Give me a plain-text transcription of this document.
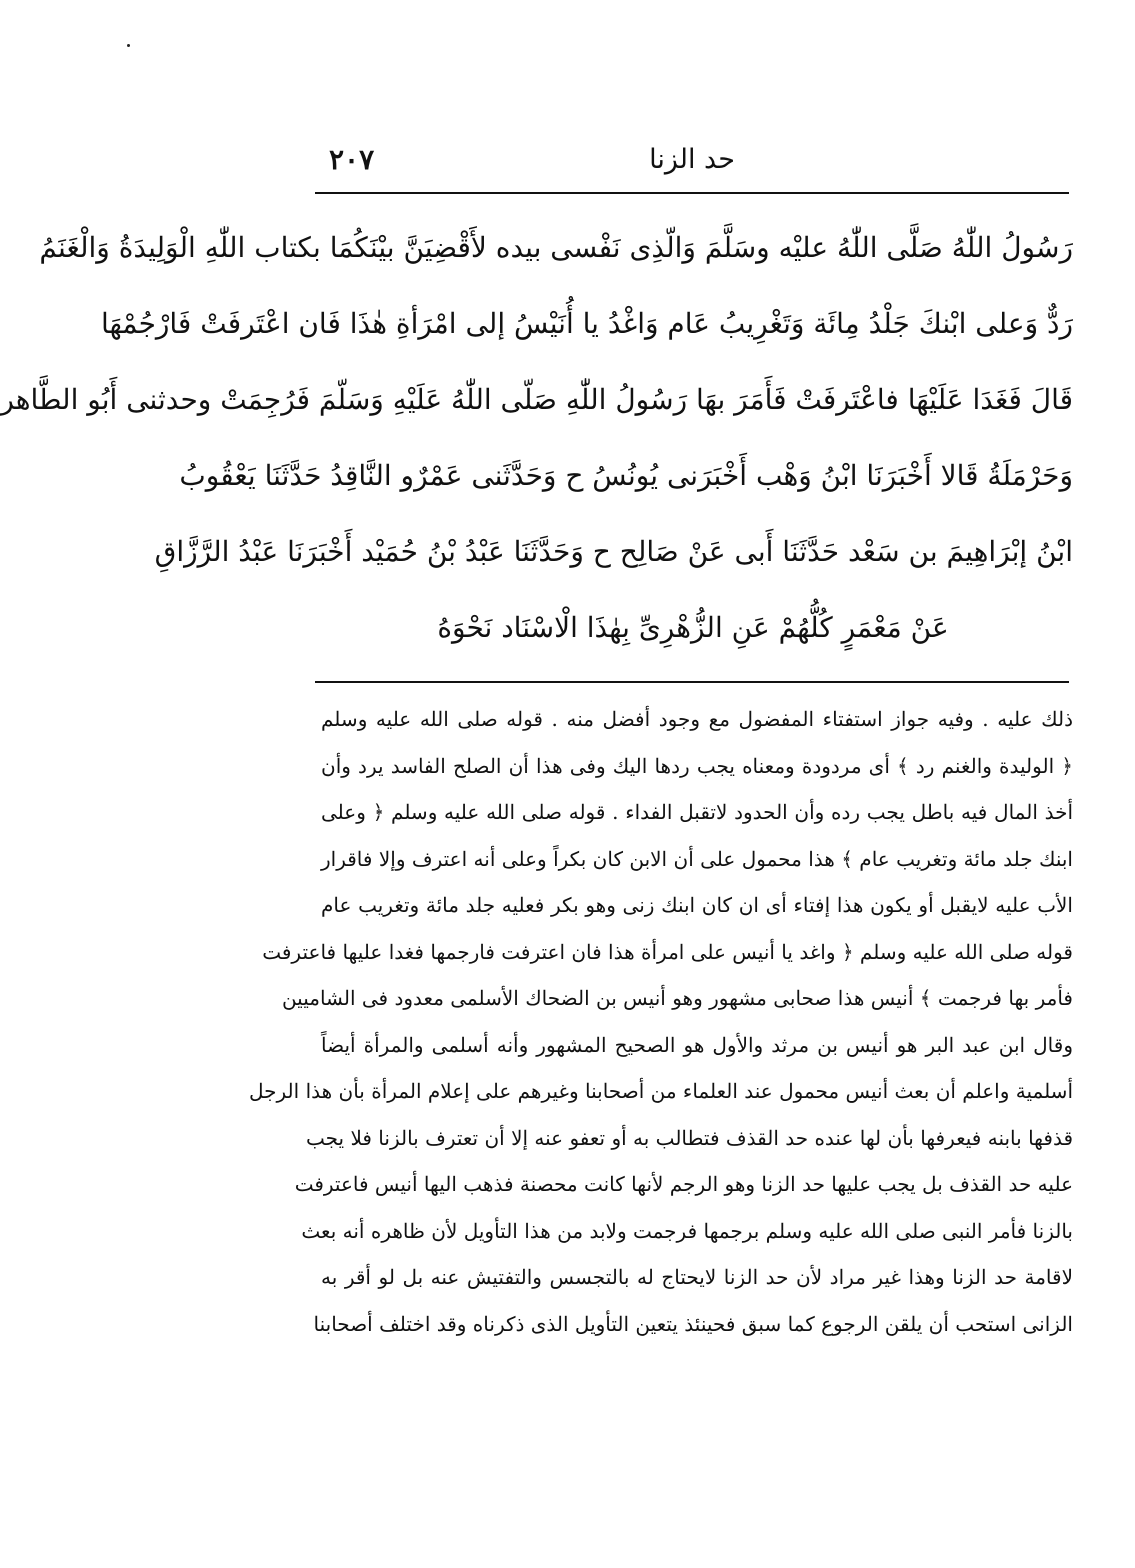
حد الزنا
٢٠٧
رَسُولُ اللّٰهُ صَلَّى اللّٰهُ عليْه وسَلَّمَ وَالّذِى نَفْسى بيده لأَقْضِيَنَّ بيْنَكُمَا بكتاب اللّٰهِ الْوَلِيدَةُ وَالْغَنَمُ
رَدٌّ وَعلى ابْنكَ جَلْدُ مِائَة وَتَغْرِيبُ عَام وَاغْدُ يا أُنَيْسُ إلى امْرَأةِ هٰذَا فَان اعْتَرفَتْ فَارْجُمْهَا
قَالَ فَغَدَا عَلَيْهَا فاعْتَرفَتْ فَأَمَرَ بهَا رَسُولُ اللّٰهِ صَلّى اللّٰهُ عَلَيْهِ وَسَلّمَ فَرُجِمَتْ وحدثنى أَبُو الطَّاهر
وَحَرْمَلَةُ قَالا أَخْبَرَنَا ابْنُ وَهْب أَخْبَرَنى يُونُسُ ح وَحَدَّثَنى عَمْرٌو النَّاقِدُ حَدَّثَنَا يَعْقُوبُ
ابْنُ إبْرَاهِيمَ بن سَعْد حَدَّثَنَا أَبى عَنْ صَالِح ح وَحَدَّثَنَا عَبْدُ بْنُ حُمَيْد أَخْبَرَنَا عَبْدُ الرَّزَّاقِ
عَنْ مَعْمَرٍ كُلُّهُمْ عَنِ الزُّهْرِىِّ بِهٰذَا الْاسْنَاد نَحْوَهُ
ذلك عليه . وفيه جواز استفتاء المفضول مع وجود أفضل منه . قوله صلى الله عليه وسلم
﴿ الوليدة والغنم رد ﴾ أى مردودة ومعناه يجب ردها اليك وفى هذا أن الصلح الفاسد يرد وأن
أخذ المال فيه باطل يجب رده وأن الحدود لاتقبل الفداء . قوله صلى الله عليه وسلم ﴿ وعلى
ابنك جلد مائة وتغريب عام ﴾ هذا محمول على أن الابن كان بكراً وعلى أنه اعترف وإلا فاقرار
الأب عليه لايقبل أو يكون هذا إفتاء أى ان كان ابنك زنى وهو بكر فعليه جلد مائة وتغريب عام
قوله صلى الله عليه وسلم ﴿ واغد يا أنيس على امرأة هذا فان اعترفت فارجمها فغدا عليها فاعترفت
فأمر بها فرجمت ﴾ أنيس هذا صحابى مشهور وهو أنيس بن الضحاك الأسلمى معدود فى الشاميين
وقال ابن عبد البر هو أنيس بن مرثد والأول هو الصحيح المشهور وأنه أسلمى والمرأة أيضاً
أسلمية واعلم أن بعث أنيس محمول عند العلماء من أصحابنا وغيرهم على إعلام المرأة بأن هذا الرجل
قذفها بابنه فيعرفها بأن لها عنده حد القذف فتطالب به أو تعفو عنه إلا أن تعترف بالزنا فلا يجب
عليه حد القذف بل يجب عليها حد الزنا وهو الرجم لأنها كانت محصنة فذهب اليها أنيس فاعترفت
بالزنا فأمر النبى صلى الله عليه وسلم برجمها فرجمت ولابد من هذا التأويل لأن ظاهره أنه بعث
لاقامة حد الزنا وهذا غير مراد لأن حد الزنا لايحتاج له بالتجسس والتفتيش عنه بل لو أقر به
الزانى استحب أن يلقن الرجوع كما سبق فحينئذ يتعين التأويل الذى ذكرناه وقد اختلف أصحابنا
